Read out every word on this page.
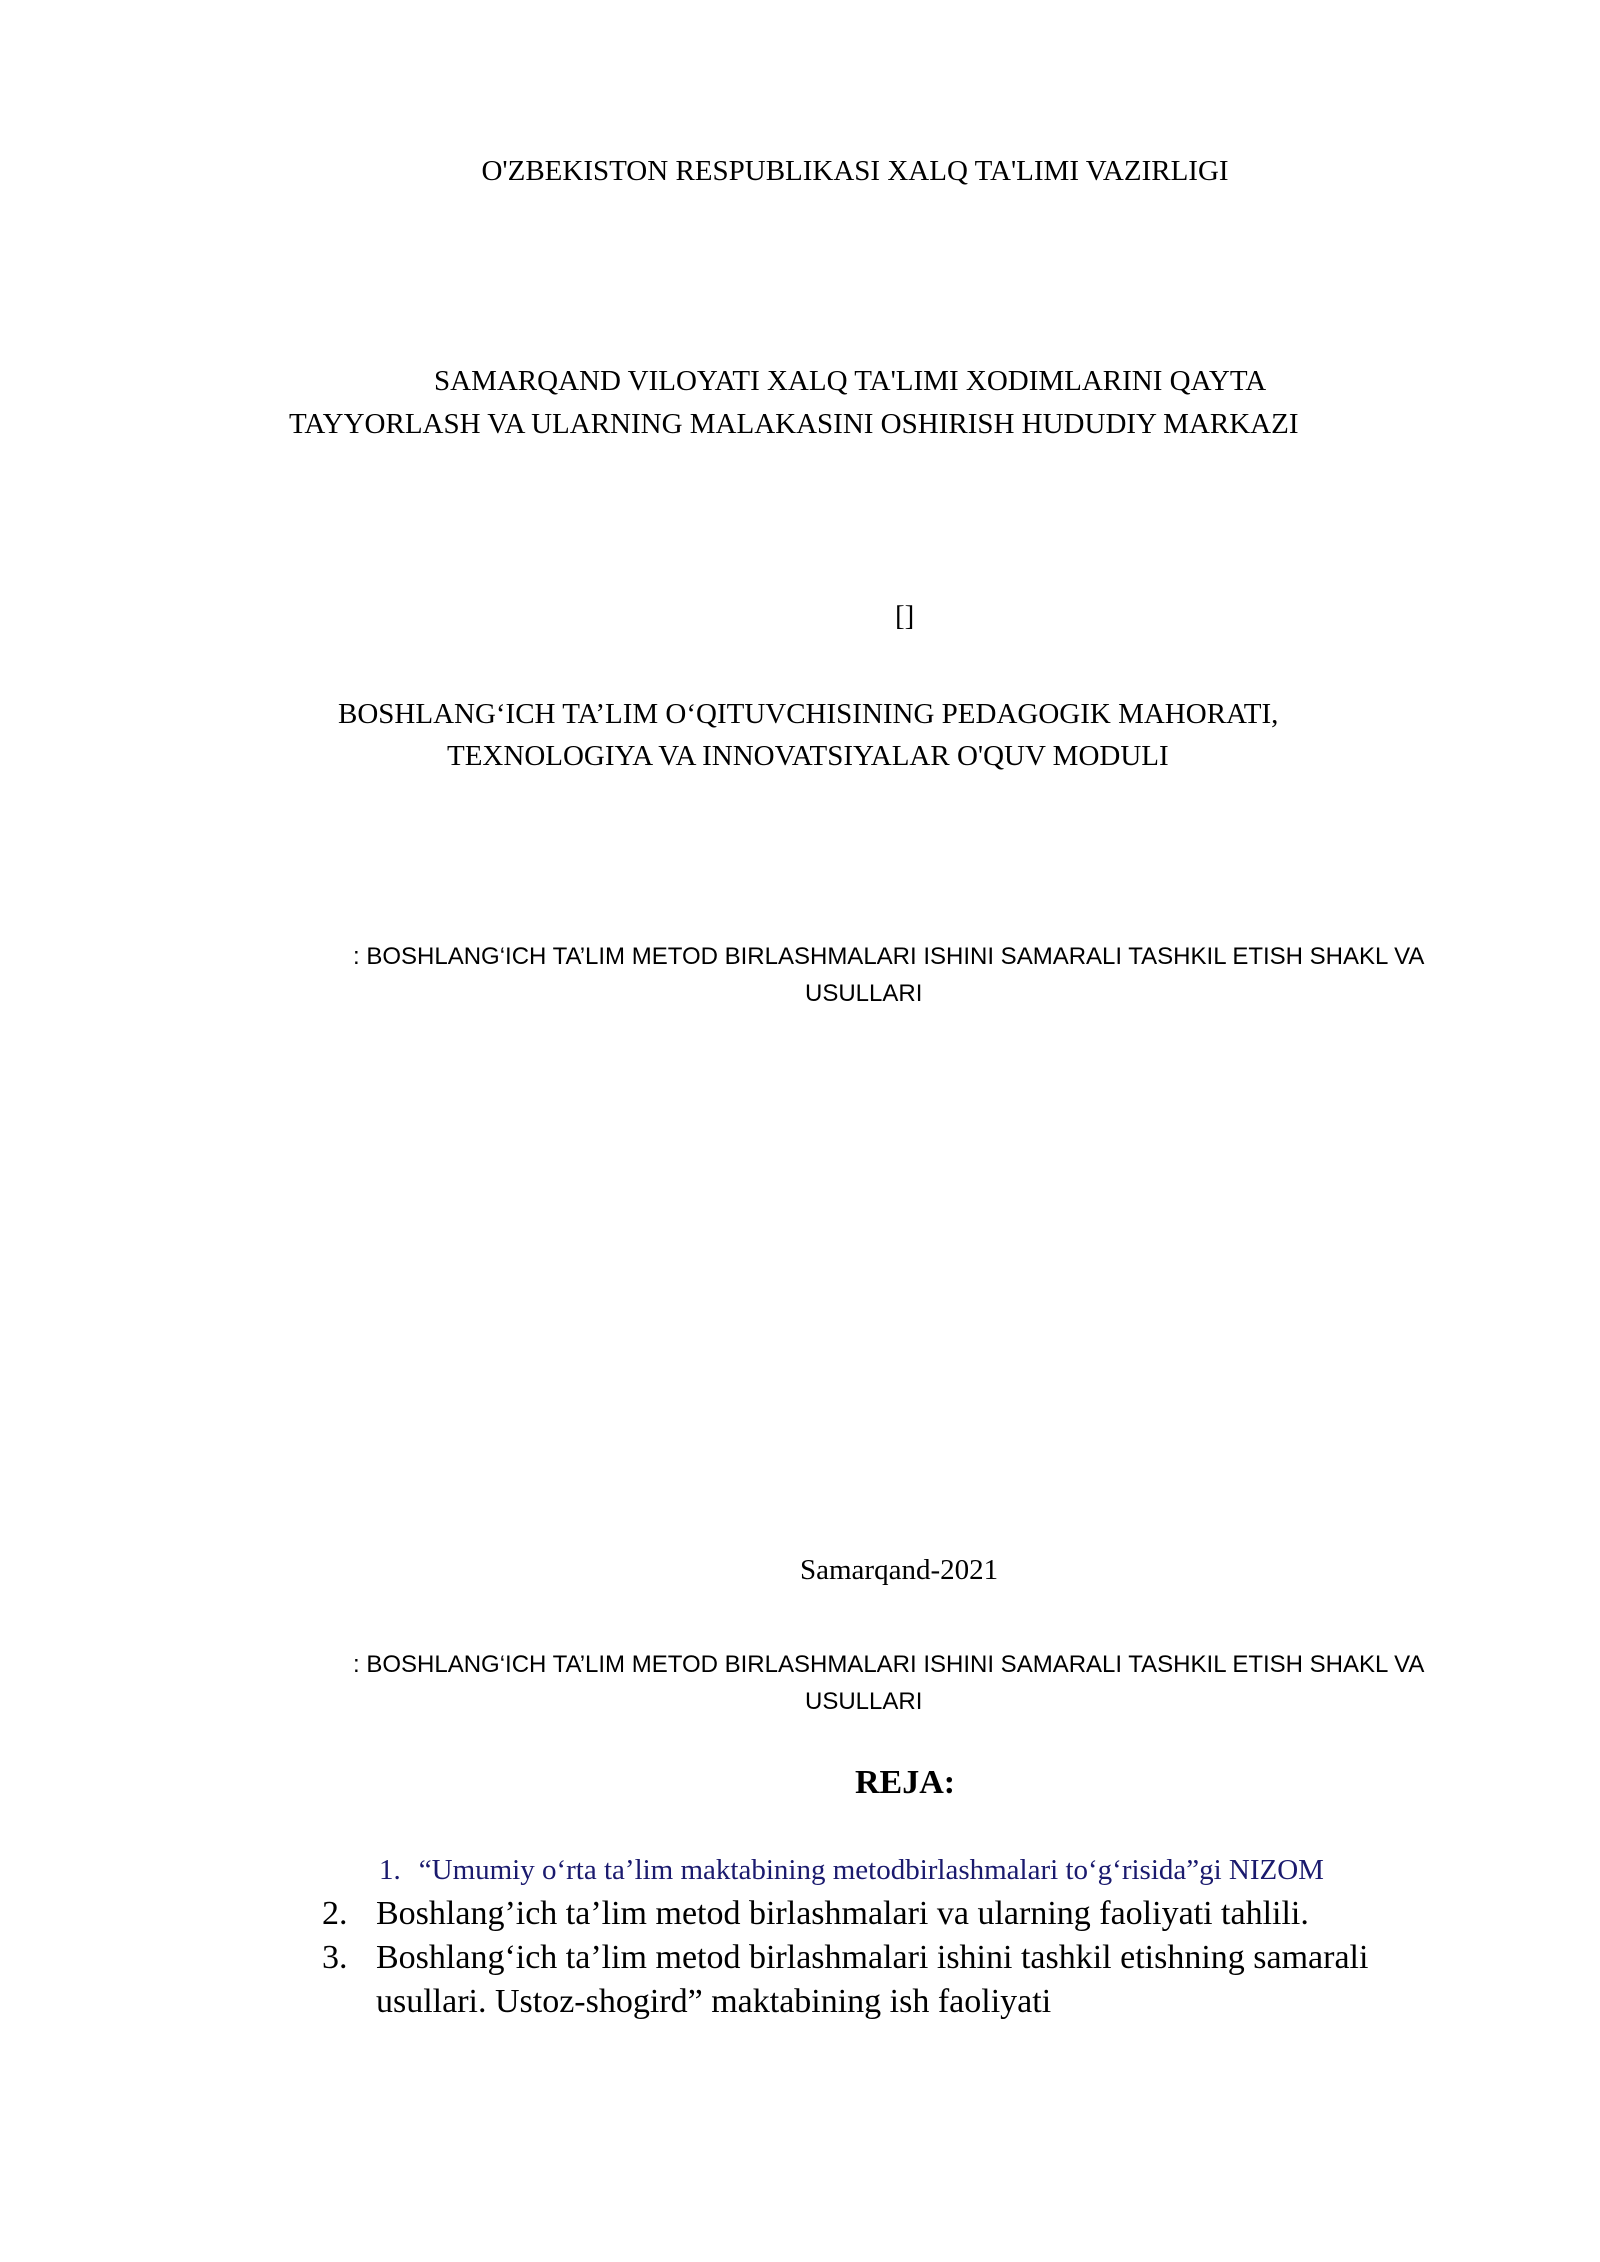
O'ZBEKISTON RESPUBLIKASI XALQ TA'LIMI VAZIRLIGI

SAMARQAND VILOYATI XALQ TA'LIMI XODIMLARINI QAYTA

TAYYORLASH VA ULARNING MALAKASINI OSHIRISH HUDUDIY MARKAZI

[]

BOSHLANG‘ICH TA’LIM O‘QITUVCHISINING PEDAGOGIK MAHORATI,

TEXNOLOGIYA VA INNOVATSIYALAR O'QUV MODULI

: BOSHLANG‘ICH TA’LIM METOD BIRLASHMALARI ISHINI SAMARALI TASHKIL ETISH SHAKL VA

USULLARI

Samarqand-2021

: BOSHLANG‘ICH TA’LIM METOD BIRLASHMALARI ISHINI SAMARALI TASHKIL ETISH SHAKL VA

USULLARI

REJA:

1. “Umumiy o‘rta ta’lim maktabining metodbirlashmalari to‘g‘risida”gi NIZOM
2. Boshlang’ich ta’lim metod birlashmalari va ularning faoliyati tahlili.
3. Boshlang‘ich ta’lim metod birlashmalari ishini tashkil etishning samarali
usullari. Ustoz-shogird” maktabining ish faoliyati
